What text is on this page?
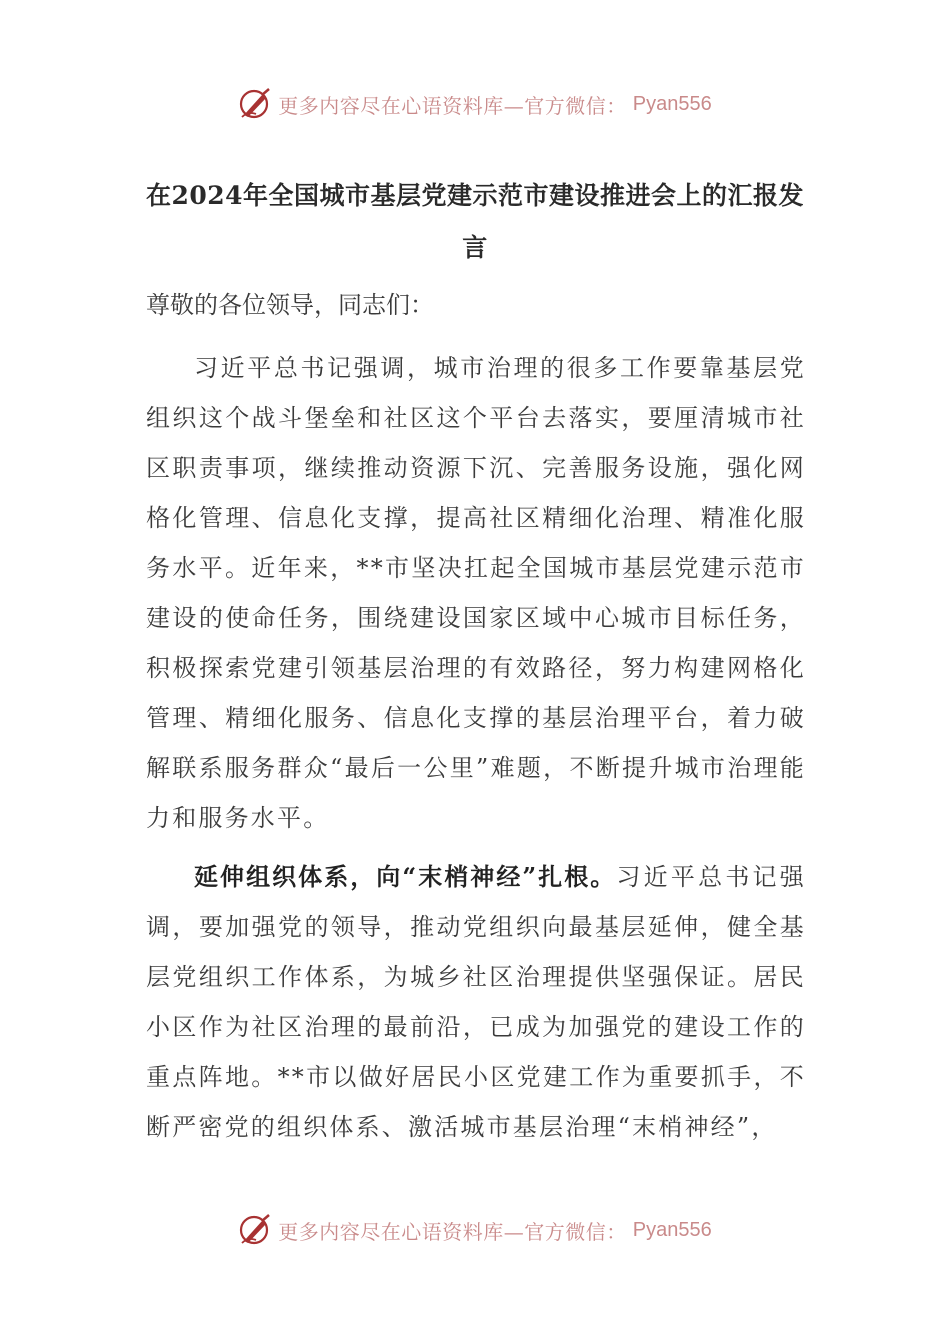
更多内容尽在心语资料库—官方微信： Pyan556
在2024年全国城市基层党建示范市建设推进会上的汇报发言
尊敬的各位领导，同志们：
习近平总书记强调，城市治理的很多工作要靠基层党组织这个战斗堡垒和社区这个平台去落实，要厘清城市社区职责事项，继续推动资源下沉、完善服务设施，强化网格化管理、信息化支撑，提高社区精细化治理、精准化服务水平。近年来，**市坚决扛起全国城市基层党建示范市建设的使命任务，围绕建设国家区域中心城市目标任务，积极探索党建引领基层治理的有效路径，努力构建网格化管理、精细化服务、信息化支撑的基层治理平台，着力破解联系服务群众“最后一公里”难题，不断提升城市治理能力和服务水平。
延伸组织体系，向“末梢神经”扎根。习近平总书记强调，要加强党的领导，推动党组织向最基层延伸，健全基层党组织工作体系，为城乡社区治理提供坚强保证。居民小区作为社区治理的最前沿，已成为加强党的建设工作的重点阵地。**市以做好居民小区党建工作为重要抓手，不断严密党的组织体系、激活城市基层治理“末梢神经”，
更多内容尽在心语资料库—官方微信： Pyan556
